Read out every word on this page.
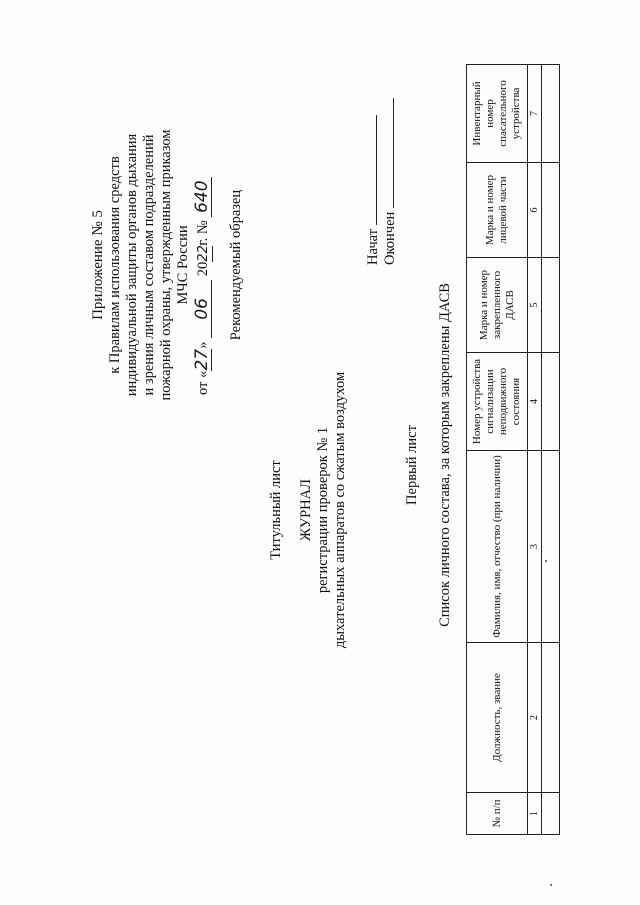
Приложение № 5 к Правилам использования средств индивидуальной защиты органов дыхания и зрения личным составом подразделений пожарной охраны, утвержденным приказом МЧС России
от «27» 06 2022г. № 640 Рекомендуемый образец
Титульный лист ЖУРНАЛ регистрации проверок № 1 дыхательных аппаратов со сжатым воздухом
Начат Окончен
Первый лист Список личного состава, за которым закреплены ДАСВ
№ п/п	Должность, звание	Фамилия, имя, отчество (при наличии)	Номер устройства сигнализации неподвижного состояния	Марка и номер закрепленного ДАСВ	Марка и номер лицевой части	Инвентарный номер спасательного устройства
1	2	3	4	5	6	7
